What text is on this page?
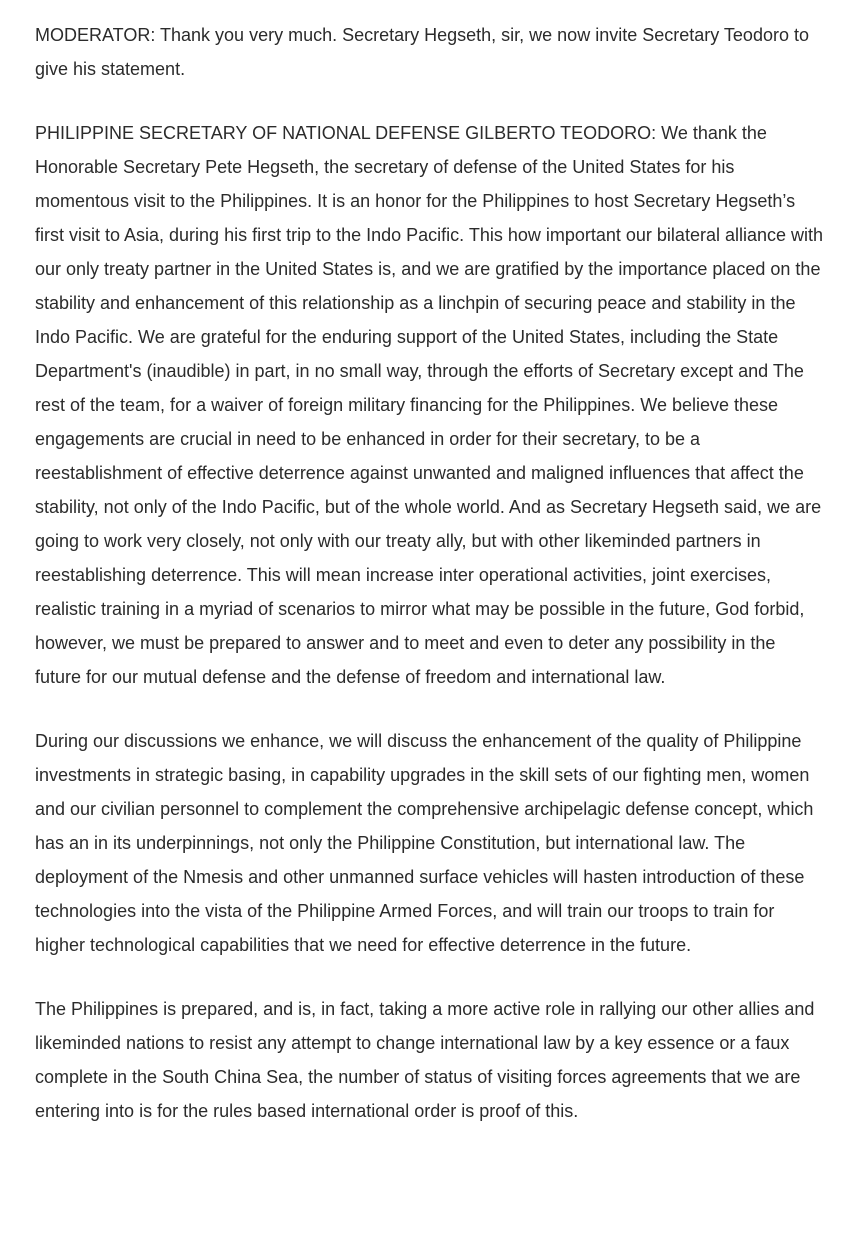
MODERATOR: Thank you very much. Secretary Hegseth, sir, we now invite Secretary Teodoro to give his statement.

PHILIPPINE SECRETARY OF NATIONAL DEFENSE GILBERTO TEODORO: We thank the Honorable Secretary Pete Hegseth, the secretary of defense of the United States for his momentous visit to the Philippines. It is an honor for the Philippines to host Secretary Hegseth’s first visit to Asia, during his first trip to the Indo Pacific. This how important our bilateral alliance with our only treaty partner in the United States is, and we are gratified by the importance placed on the stability and enhancement of this relationship as a linchpin of securing peace and stability in the Indo Pacific. We are grateful for the enduring support of the United States, including the State Department's (inaudible) in part, in no small way, through the efforts of Secretary except and The rest of the team, for a waiver of foreign military financing for the Philippines. We believe these engagements are crucial in need to be enhanced in order for their secretary, to be a reestablishment of effective deterrence against unwanted and maligned influences that affect the stability, not only of the Indo Pacific, but of the whole world. And as Secretary Hegseth said, we are going to work very closely, not only with our treaty ally, but with other likeminded partners in reestablishing deterrence. This will mean increase inter operational activities, joint exercises, realistic training in a myriad of scenarios to mirror what may be possible in the future, God forbid, however, we must be prepared to answer and to meet and even to deter any possibility in the future for our mutual defense and the defense of freedom and international law.

During our discussions we enhance, we will discuss the enhancement of the quality of Philippine investments in strategic basing, in capability upgrades in the skill sets of our fighting men, women and our civilian personnel to complement the comprehensive archipelagic defense concept, which has an in its underpinnings, not only the Philippine Constitution, but international law. The deployment of the Nmesis and other unmanned surface vehicles will hasten introduction of these technologies into the vista of the Philippine Armed Forces, and will train our troops to train for higher technological capabilities that we need for effective deterrence in the future.

The Philippines is prepared, and is, in fact, taking a more active role in rallying our other allies and likeminded nations to resist any attempt to change international law by a key essence or a faux complete in the South China Sea, the number of status of visiting forces agreements that we are entering into is for the rules based international order is proof of this.
